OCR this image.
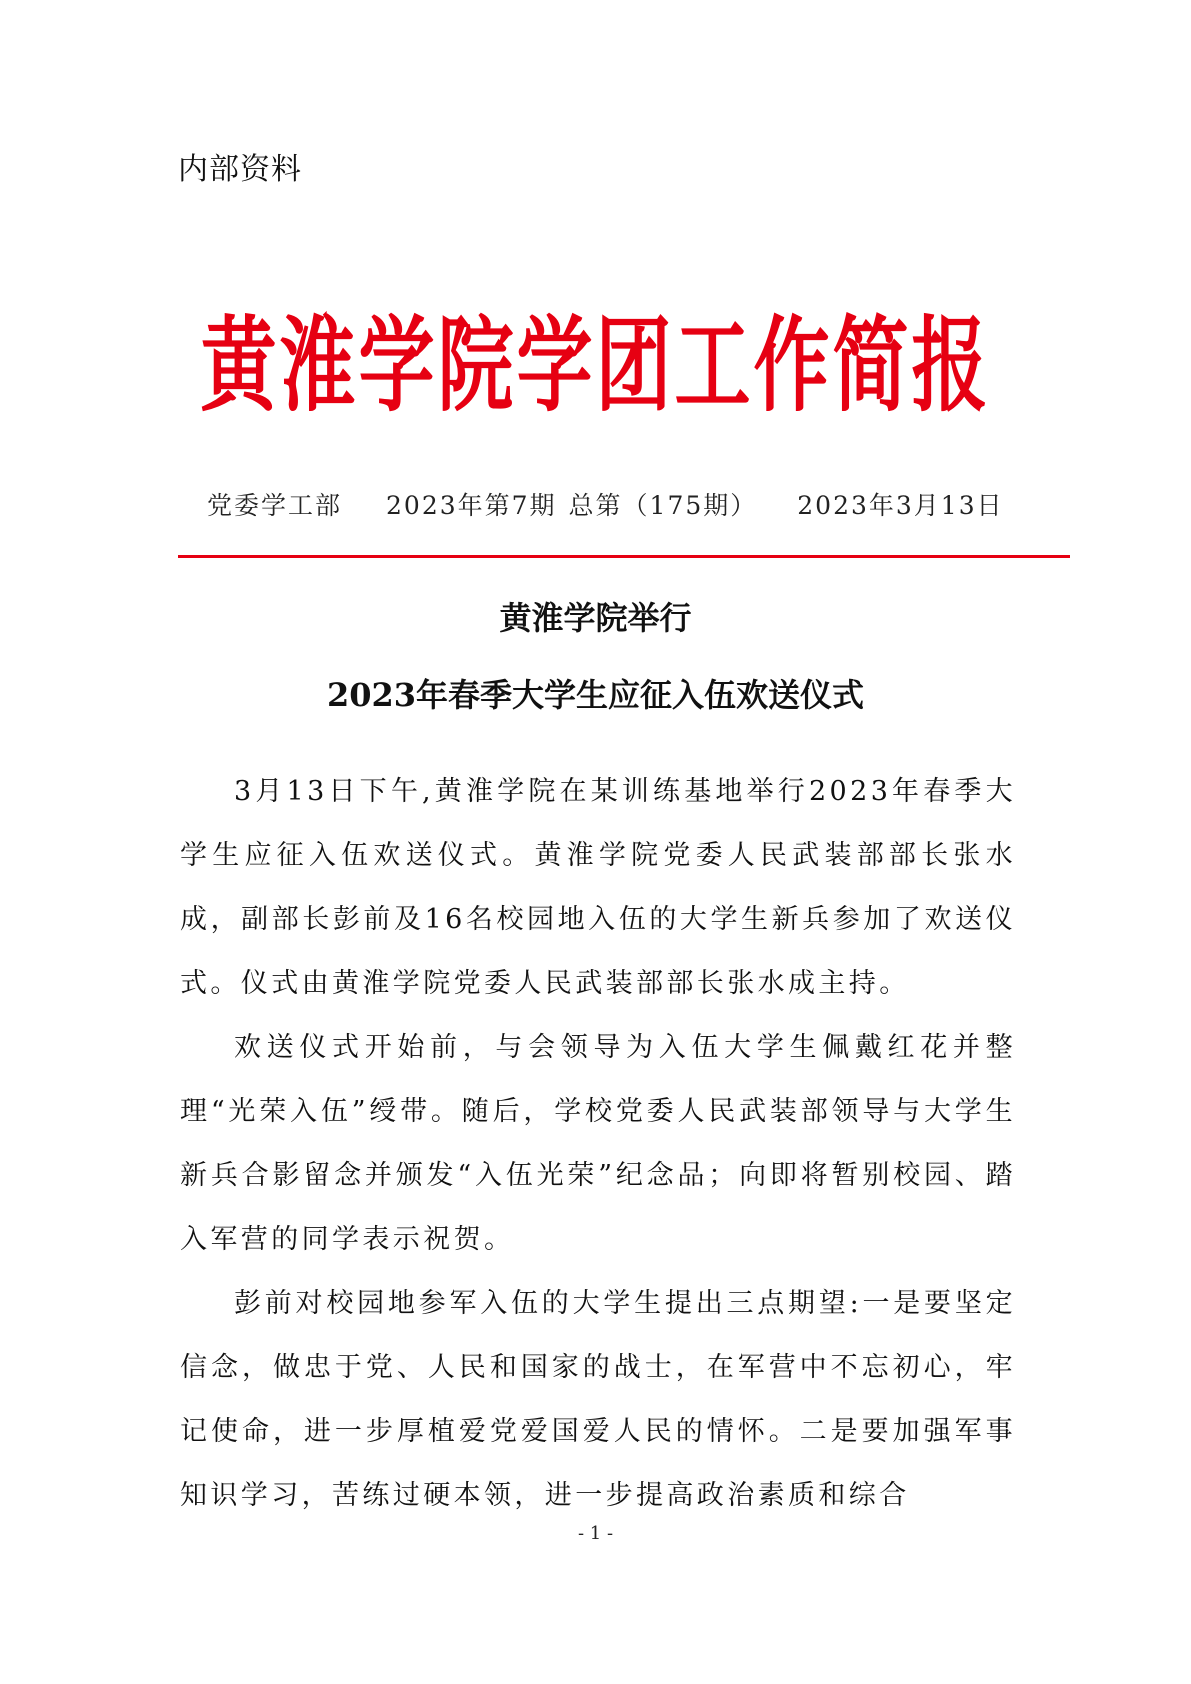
内部资料
黄淮学院学团工作简报
党委学工部 2023年第7期 总第（175期） 2023年3月13日
黄淮学院举行
2023年春季大学生应征入伍欢送仪式

3月13日下午,黄淮学院在某训练基地举行2023年春季大学生应征入伍欢送仪式。黄淮学院党委人民武装部部长张水成，副部长彭前及16名校园地入伍的大学生新兵参加了欢送仪式。仪式由黄淮学院党委人民武装部部长张水成主持。

欢送仪式开始前，与会领导为入伍大学生佩戴红花并整理“光荣入伍”绶带。随后，学校党委人民武装部领导与大学生新兵合影留念并颁发“入伍光荣”纪念品；向即将暂别校园、踏入军营的同学表示祝贺。

彭前对校园地参军入伍的大学生提出三点期望:一是要坚定信念，做忠于党、人民和国家的战士，在军营中不忘初心，牢记使命，进一步厚植爱党爱国爱人民的情怀。二是要加强军事知识学习，苦练过硬本领，进一步提高政治素质和综合

- 1 -
